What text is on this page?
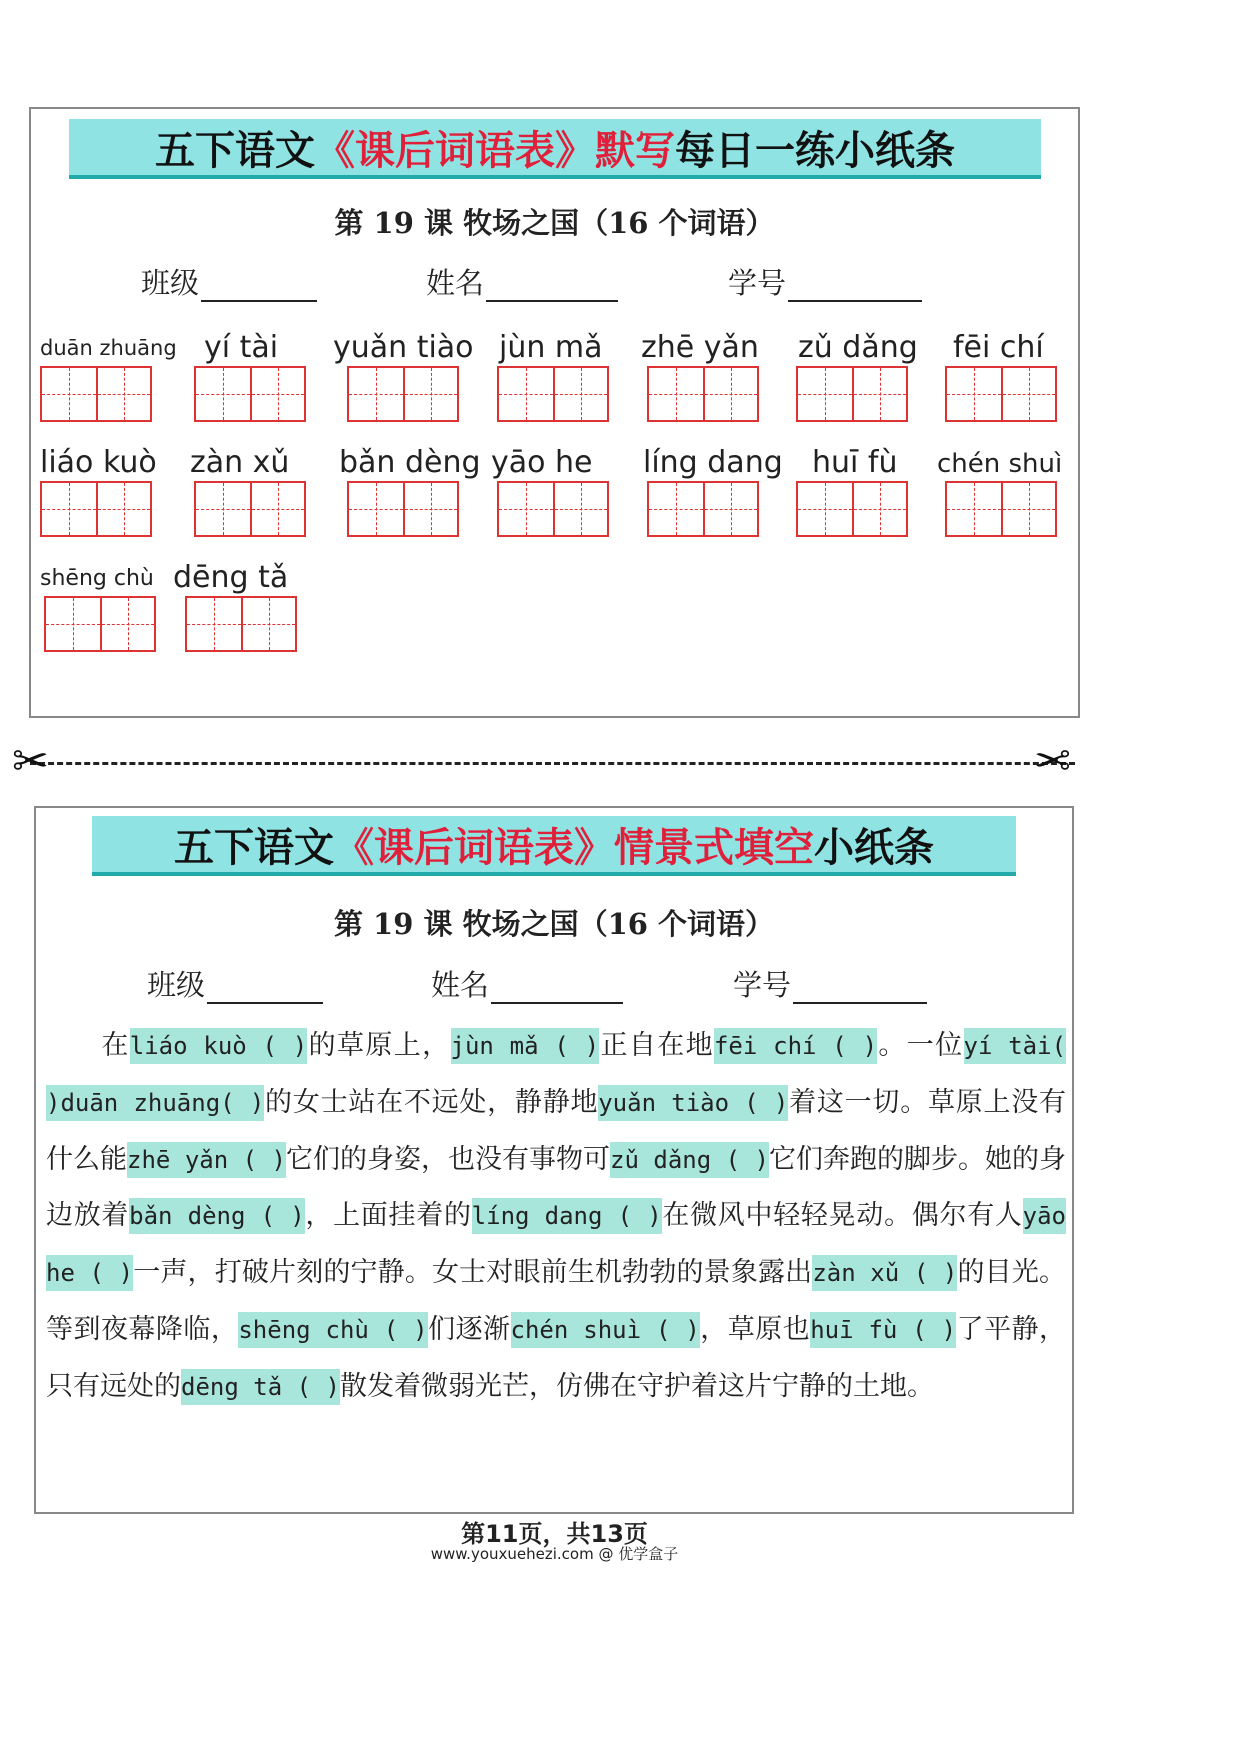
五下语文 《课后词语表》默写 每日一练小纸条
第 19 课 牧场之国（16 个词语）
班级	姓名	学号
duān zhuāng yí tài yuǎn tiào jùn mǎ zhē yǎn zǔ dǎng fēi chí
liáo kuò zàn xǔ bǎn dèng yāo he líng dang huī fù chén shuì
shēng chù dēng tǎ
✂	✂
五下语文 《课后词语表》情景式填空 小纸条
第 19 课 牧场之国（16 个词语）
班级	姓名	学号
在liáo kuò ( )的草原上，jùn mǎ ( )正自在地fēi chí ( )。一位yí tài( )duān zhuāng( )的女士站在不远处，静静地yuǎn tiào ( )着这一切。草原上没有什么能zhē yǎn ( )它们的身姿，也没有事物可zǔ dǎng ( )它们奔跑的脚步。她的身边放着bǎn dèng ( )，上面挂着的líng dang ( )在微风中轻轻晃动。偶尔有人yāo he ( )一声，打破片刻的宁静。女士对眼前生机勃勃的景象露出zàn xǔ ( )的目光。等到夜幕降临，shēng chù ( )们逐渐chén shuì ( )，草原也huī fù ( )了平静，只有远处的dēng tǎ ( )散发着微弱光芒，仿佛在守护着这片宁静的土地。
第11页，共13页
www.youxuehezi.com @ 优学盒子
